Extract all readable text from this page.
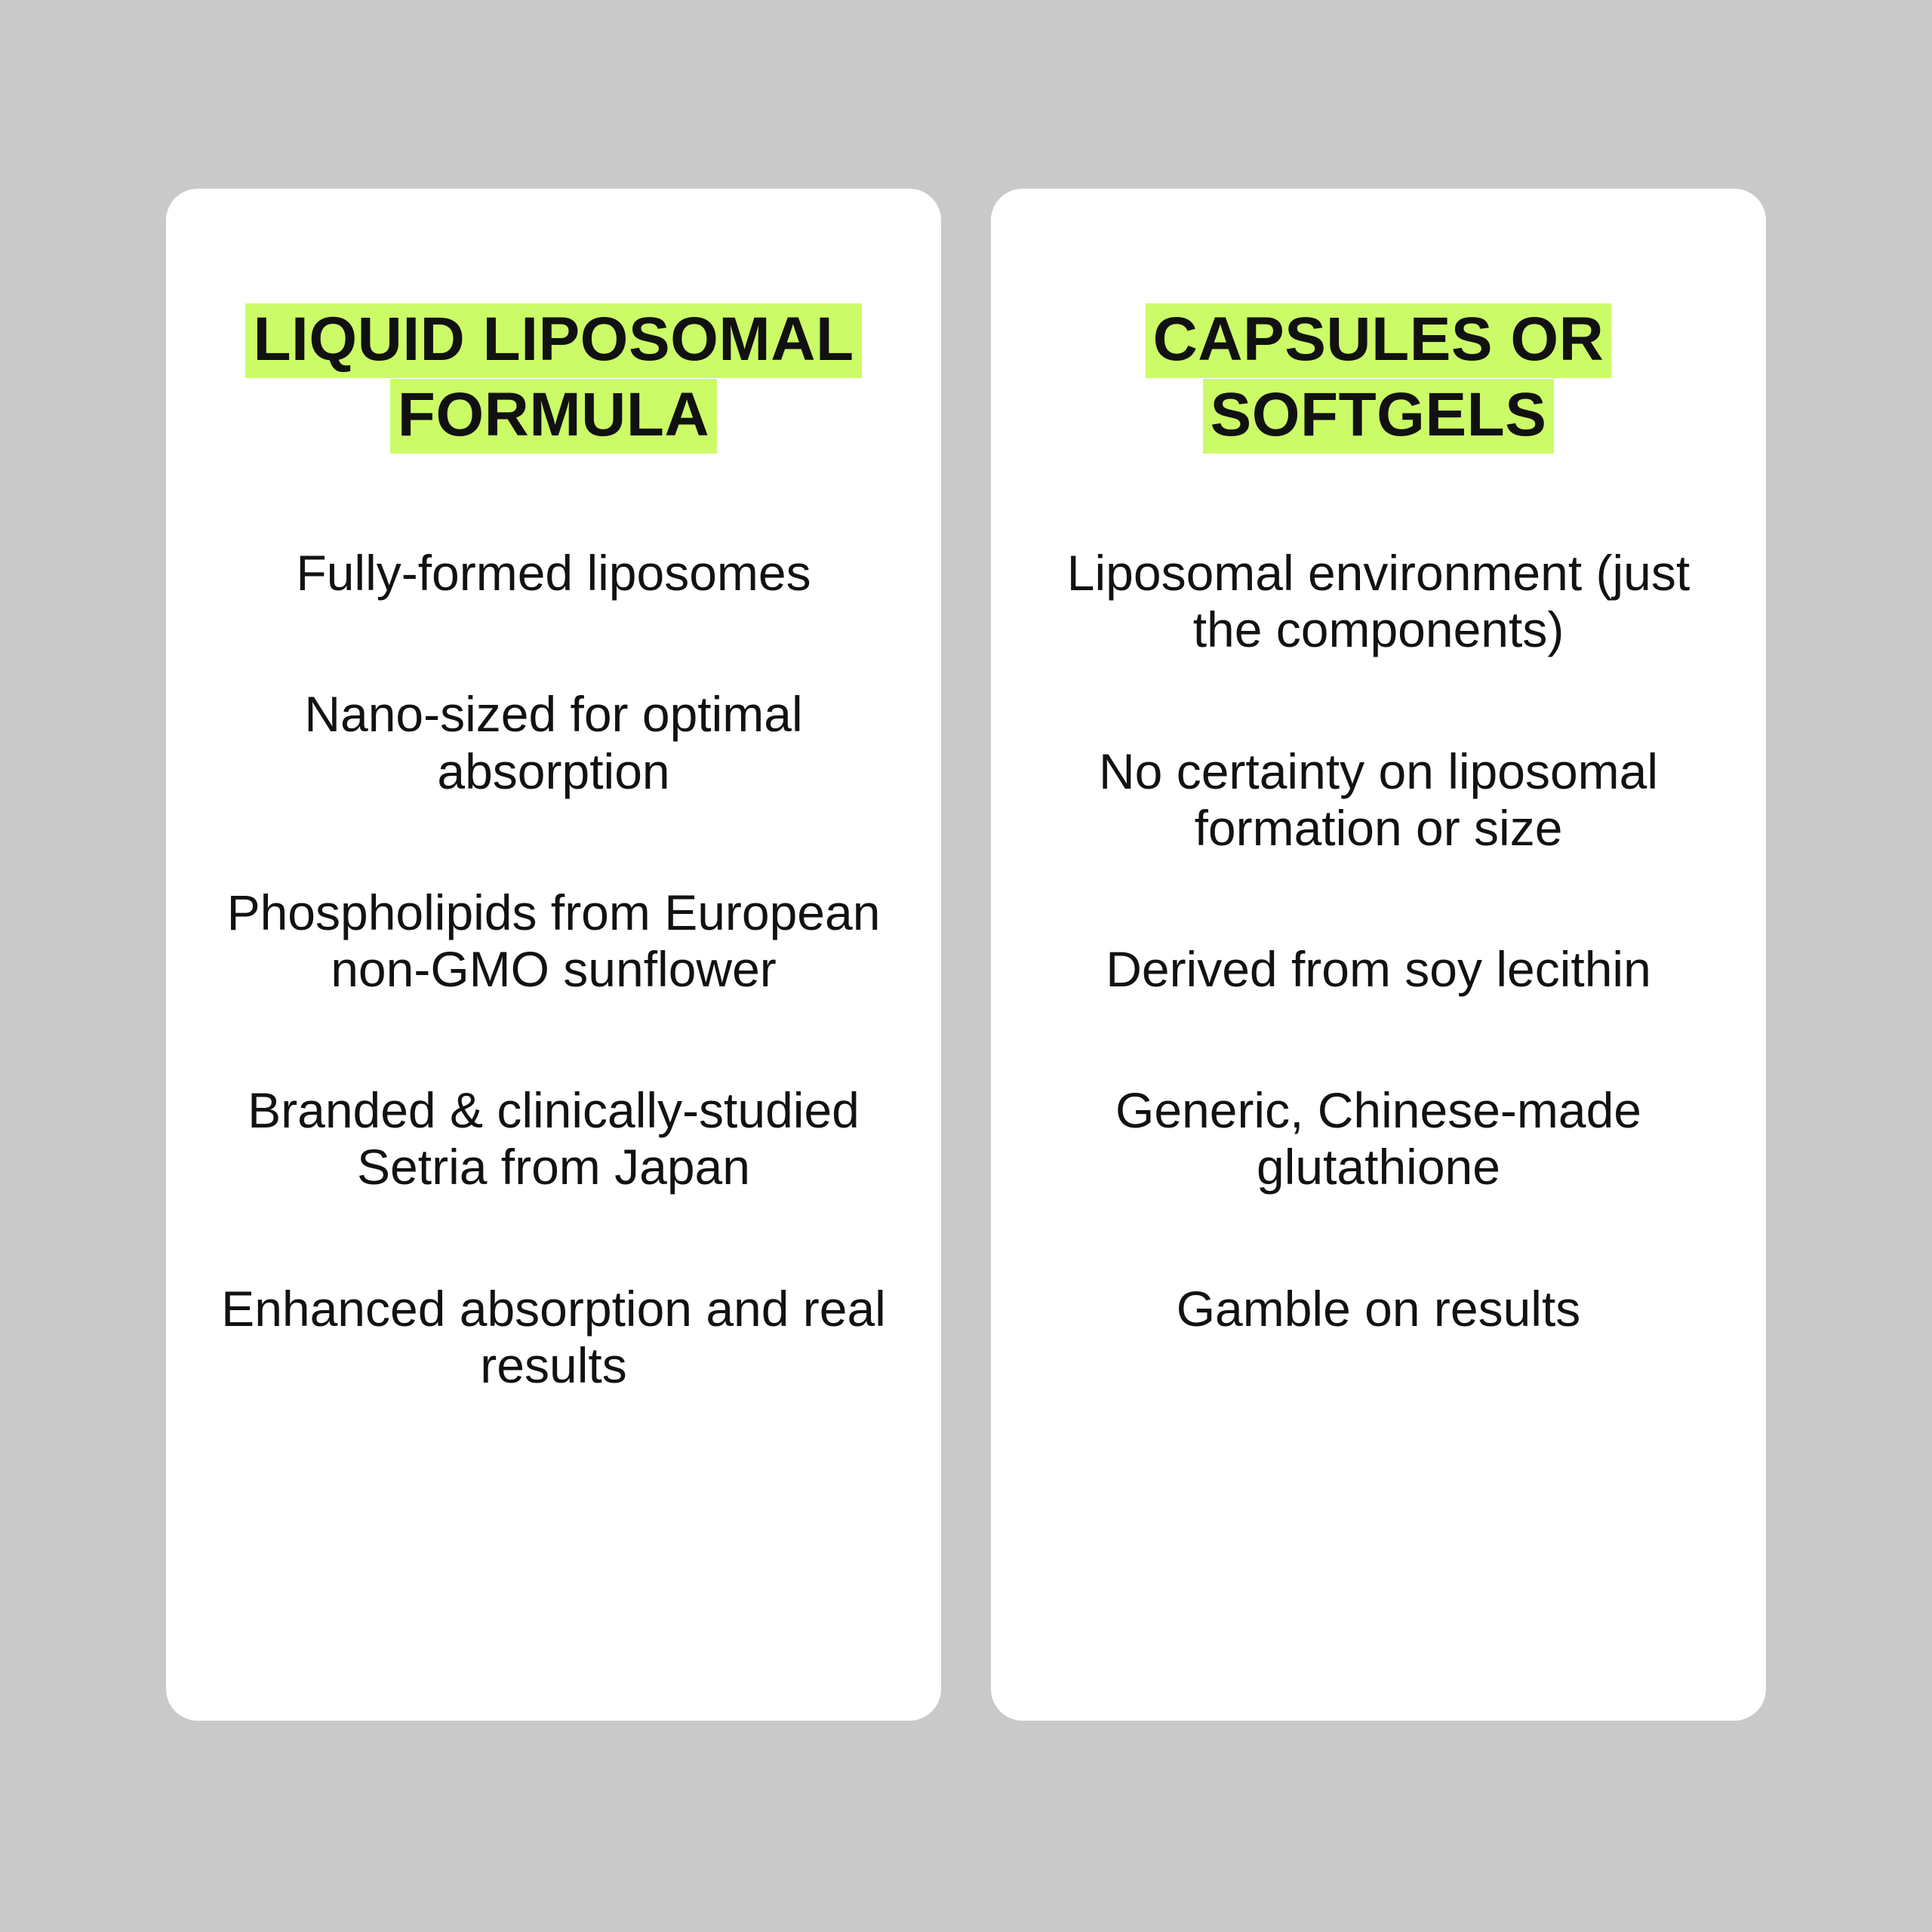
LIQUID LIPOSOMAL
FORMULA

Fully-formed liposomes

Nano-sized for optimal absorption

Phospholipids from European non-GMO sunflower

Branded & clinically-studied Setria from Japan

Enhanced absorption and real results

CAPSULES OR
SOFTGELS

Liposomal environment (just the components)

No certainty on liposomal formation or size

Derived from soy lecithin

Generic, Chinese-made glutathione

Gamble on results
